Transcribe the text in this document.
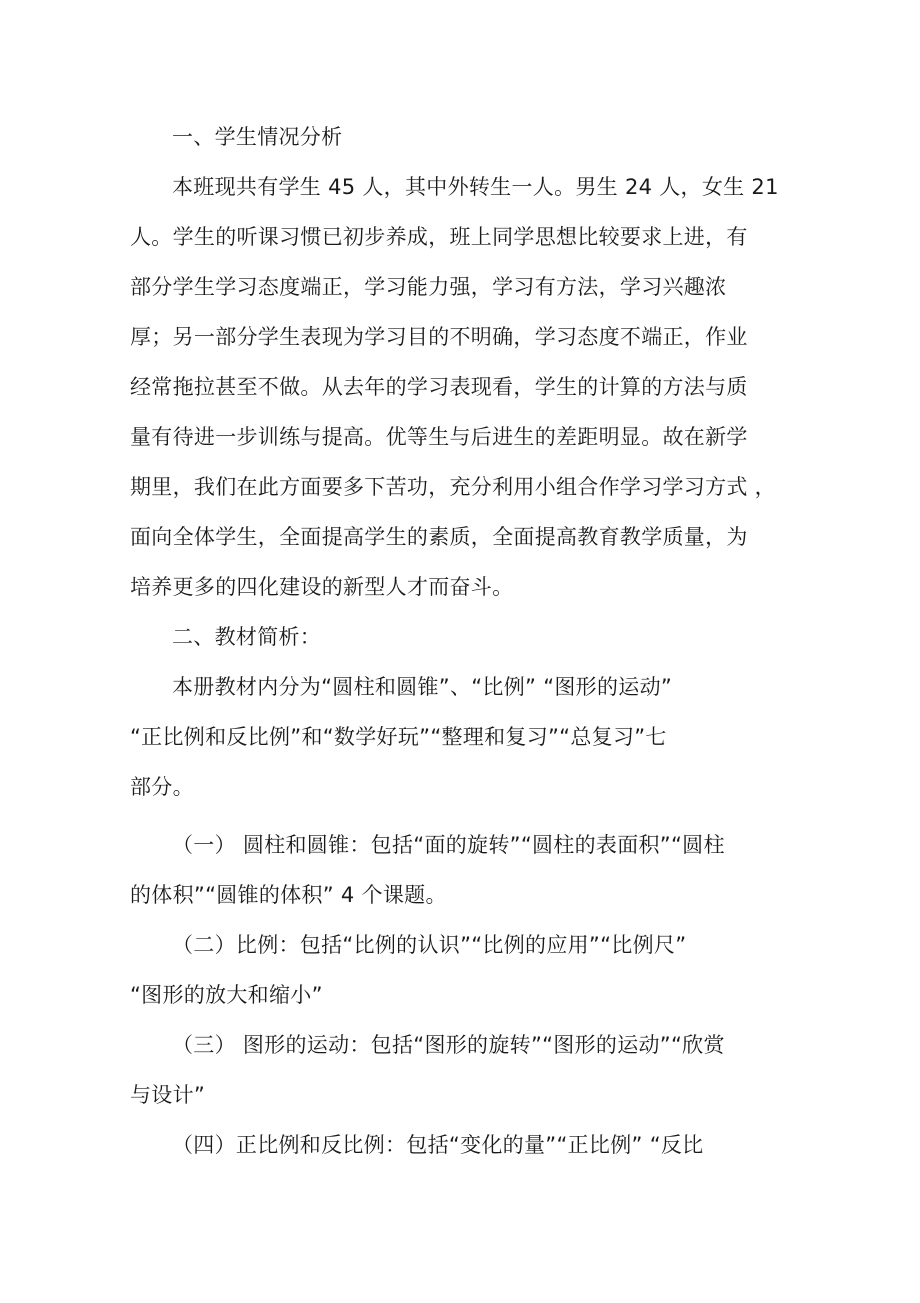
一、学生情况分析
本班现共有学生 45 人，其中外转生一人。男生 24 人，女生 21
人。学生的听课习惯已初步养成，班上同学思想比较要求上进，有
部分学生学习态度端正，学习能力强，学习有方法，学习兴趣浓
厚；另一部分学生表现为学习目的不明确，学习态度不端正，作业
经常拖拉甚至不做。从去年的学习表现看，学生的计算的方法与质
量有待进一步训练与提高。优等生与后进生的差距明显。故在新学
期里，我们在此方面要多下苦功，充分利用小组合作学习学习方式 ，
面向全体学生，全面提高学生的素质，全面提高教育教学质量，为
培养更多的四化建设的新型人才而奋斗。
二、教材简析：
本册教材内分为“圆柱和圆锥”、“比例” “图形的运动”
“正比例和反比例”和“数学好玩”“整理和复习”“总复习”七
部分。
（一） 圆柱和圆锥：包括“面的旋转”“圆柱的表面积”“圆柱
的体积”“圆锥的体积” 4 个课题。
（二）比例：包括“比例的认识”“比例的应用”“比例尺”
“图形的放大和缩小”
（三） 图形的运动：包括“图形的旋转”“图形的运动”“欣赏
与设计”
（四）正比例和反比例：包括“变化的量”“正比例” “反比
